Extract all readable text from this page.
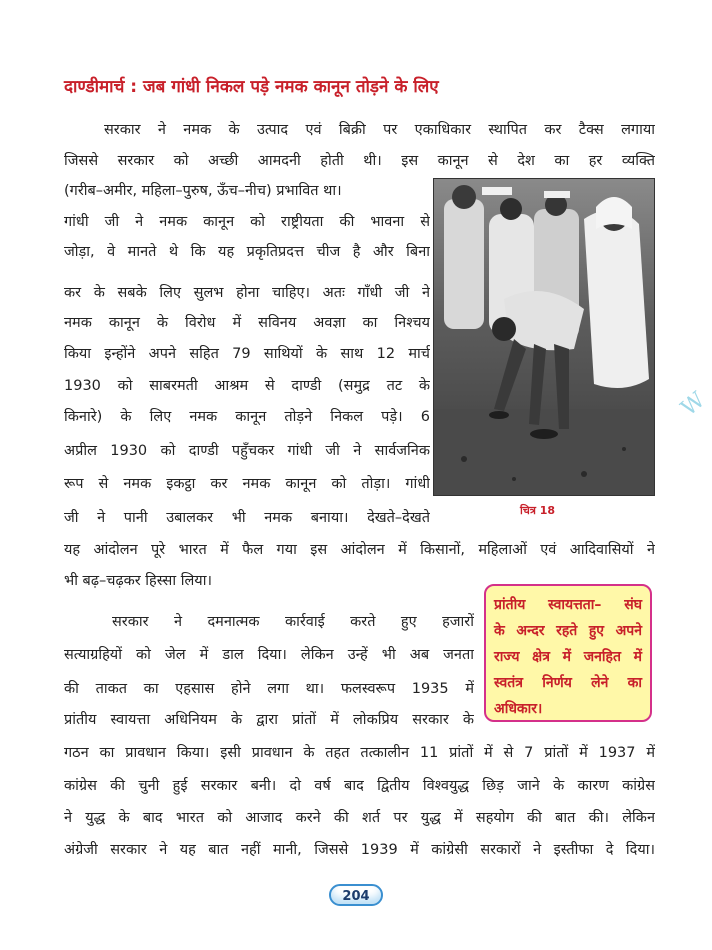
दाण्डीमार्च : जब गांधी निकल पड़े नमक कानून तोड़ने के लिए
सरकार ने नमक के उत्पाद एवं बिक्री पर एकाधिकार स्थापित कर टैक्स लगाया
जिससे सरकार को अच्छी आमदनी होती थी। इस कानून से देश का हर व्यक्ति
(गरीब–अमीर, महिला–पुरुष, ऊँच–नीच) प्रभावित था।
गांधी जी ने नमक कानून को राष्ट्रीयता की भावना से
जोड़ा, वे मानते थे कि यह प्रकृतिप्रदत्त चीज है और बिना
कर के सबके लिए सुलभ होना चाहिए। अतः गाँधी जी ने
नमक कानून के विरोध में सविनय अवज्ञा का निश्चय
किया इन्होंने अपने सहित 79 साथियों के साथ 12 मार्च
1930 को साबरमती आश्रम से दाण्डी (समुद्र तट के
किनारे) के लिए नमक कानून तोड़ने निकल पड़े। 6
अप्रील 1930 को दाण्डी पहुँचकर गांधी जी ने सार्वजनिक
रूप से नमक इकट्ठा कर नमक कानून को तोड़ा। गांधी
जी ने पानी उबालकर भी नमक बनाया। देखते–देखते
यह आंदोलन पूरे भारत में फैल गया इस आंदोलन में किसानों, महिलाओं एवं आदिवासियों ने
भी बढ़–चढ़कर हिस्सा लिया।
सरकार ने दमनात्मक कार्रवाई करते हुए हजारों
सत्याग्रहियों को जेल में डाल दिया। लेकिन उन्हें भी अब जनता
की ताकत का एहसास होने लगा था। फलस्वरूप 1935 में
प्रांतीय स्वायत्ता अधिनियम के द्वारा प्रांतों में लोकप्रिय सरकार के
गठन का प्रावधान किया। इसी प्रावधान के तहत तत्कालीन 11 प्रांतों में से 7 प्रांतों में 1937 में
कांग्रेस की चुनी हुई सरकार बनी। दो वर्ष बाद द्वितीय विश्वयुद्ध छिड़ जाने के कारण कांग्रेस
ने युद्ध के बाद भारत को आजाद करने की शर्त पर युद्ध में सहयोग की बात की। लेकिन
अंग्रेजी सरकार ने यह बात नहीं मानी, जिससे 1939 में कांग्रेसी सरकारों ने इस्तीफा दे दिया।
चित्र 18
प्रांतीय स्वायत्तता– संघ
के अन्दर रहते हुए अपने
राज्य क्षेत्र में जनहित में
स्वतंत्र निर्णय लेने का
अधिकार।
W
204
